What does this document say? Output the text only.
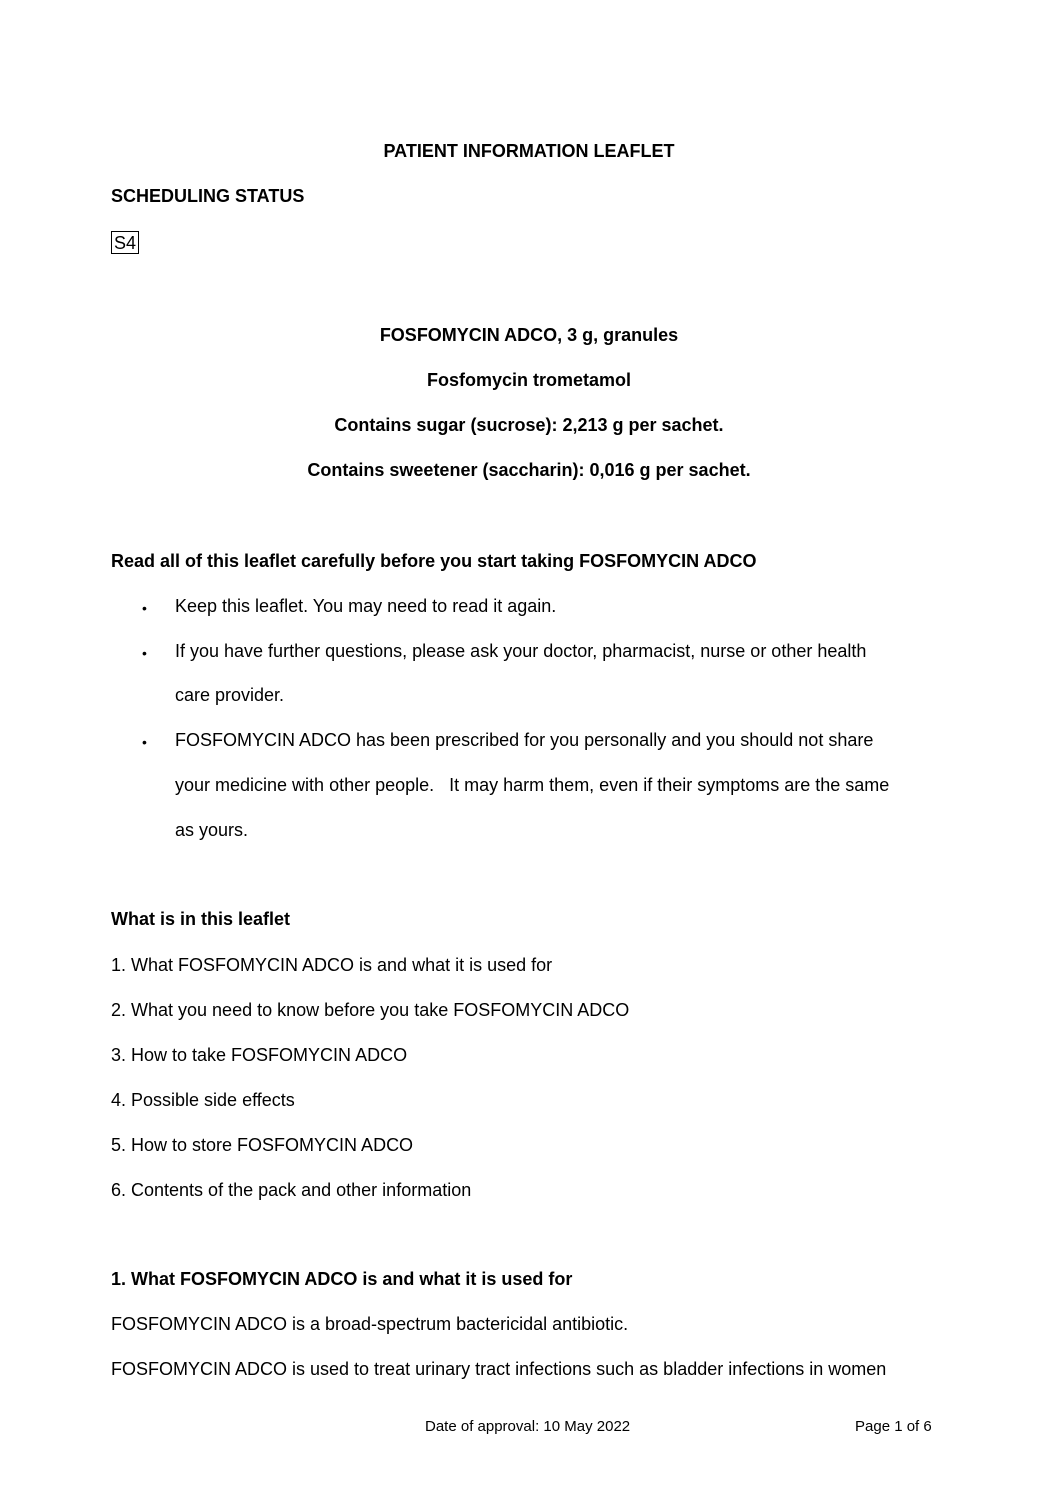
PATIENT INFORMATION LEAFLET
SCHEDULING STATUS
S4
FOSFOMYCIN ADCO, 3 g, granules
Fosfomycin trometamol
Contains sugar (sucrose): 2,213 g per sachet.
Contains sweetener (saccharin): 0,016 g per sachet.
Read all of this leaflet carefully before you start taking FOSFOMYCIN ADCO
• Keep this leaflet. You may need to read it again.
• If you have further questions, please ask your doctor, pharmacist, nurse or other health
care provider.
• FOSFOMYCIN ADCO has been prescribed for you personally and you should not share
your medicine with other people.   It may harm them, even if their symptoms are the same
as yours.
What is in this leaflet
1. What FOSFOMYCIN ADCO is and what it is used for
2. What you need to know before you take FOSFOMYCIN ADCO
3. How to take FOSFOMYCIN ADCO
4. Possible side effects
5. How to store FOSFOMYCIN ADCO
6. Contents of the pack and other information
1. What FOSFOMYCIN ADCO is and what it is used for
FOSFOMYCIN ADCO is a broad-spectrum bactericidal antibiotic.
FOSFOMYCIN ADCO is used to treat urinary tract infections such as bladder infections in women
Date of approval: 10 May 2022	Page 1 of 6
